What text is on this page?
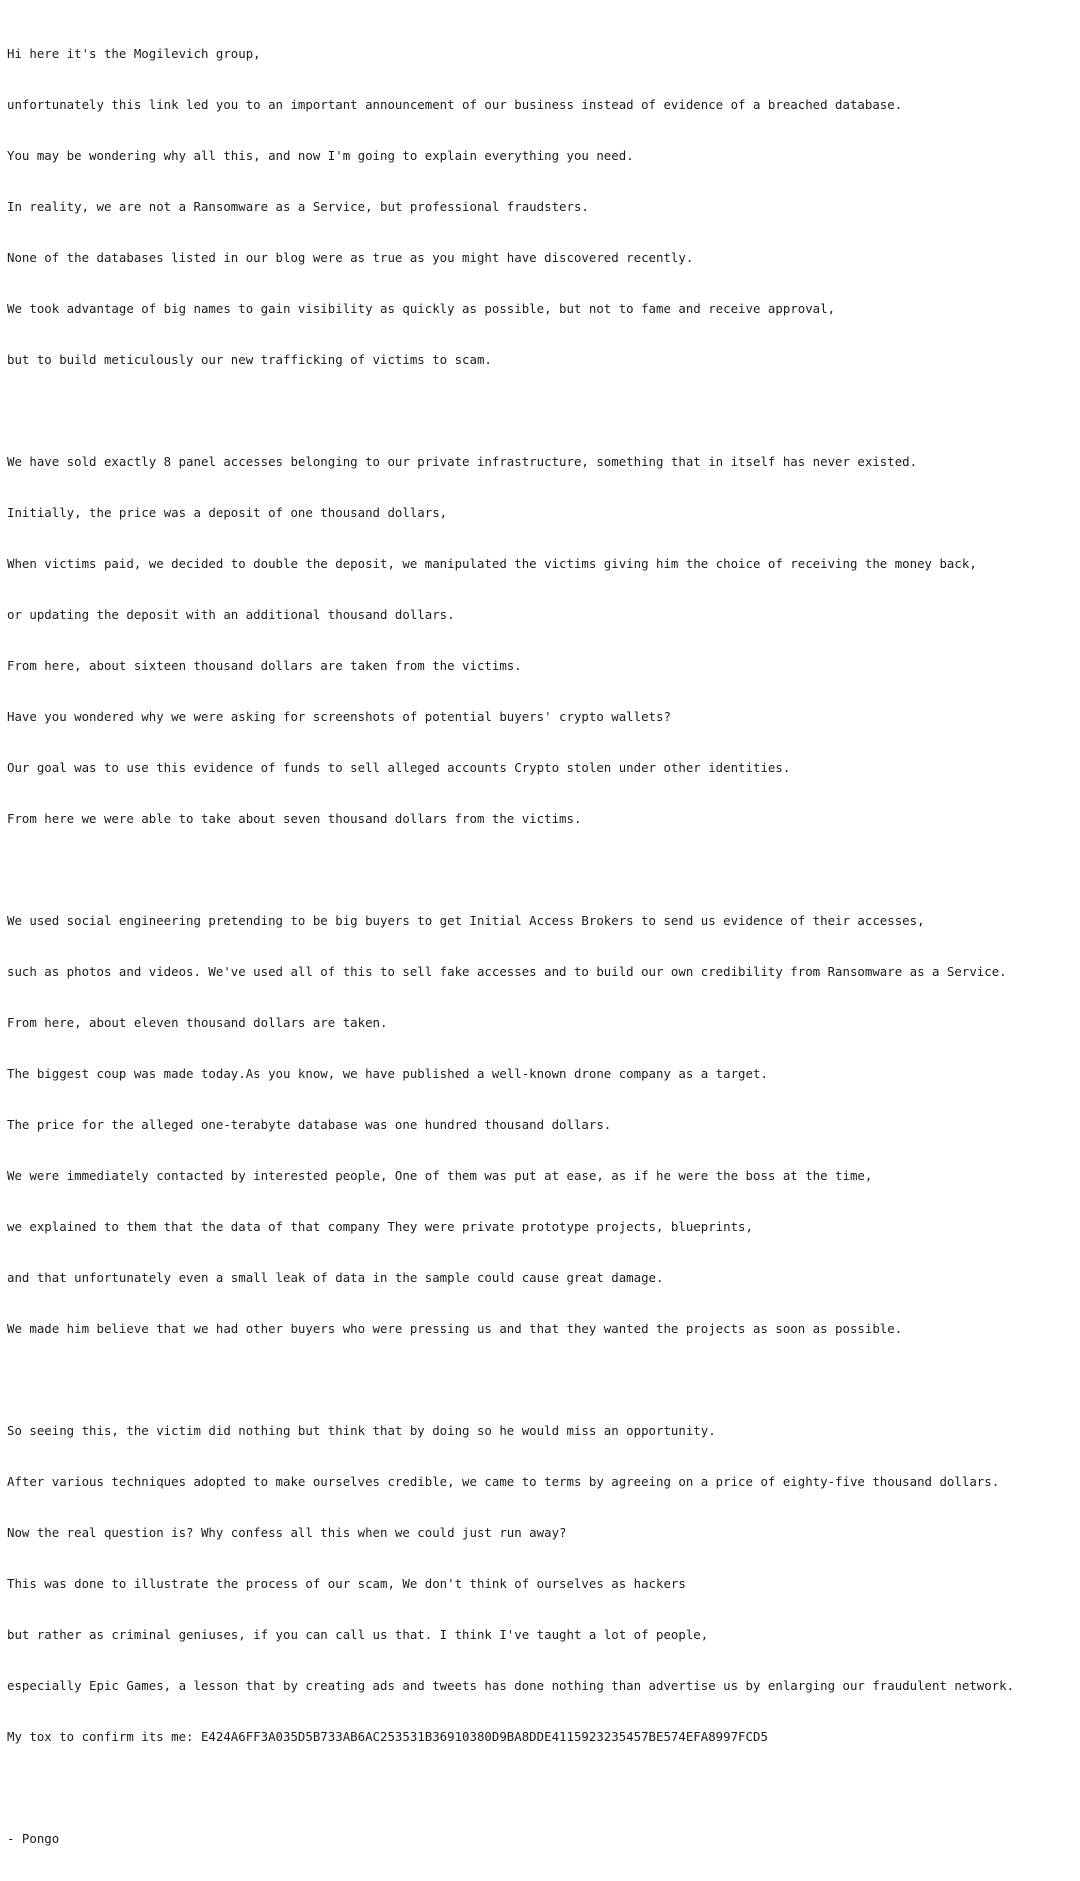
Hi here it's the Mogilevich group,

unfortunately this link led you to an important announcement of our business instead of evidence of a breached database.

You may be wondering why all this, and now I'm going to explain everything you need.

In reality, we are not a Ransomware as a Service, but professional fraudsters.

None of the databases listed in our blog were as true as you might have discovered recently.

We took advantage of big names to gain visibility as quickly as possible, but not to fame and receive approval,

but to build meticulously our new trafficking of victims to scam.

We have sold exactly 8 panel accesses belonging to our private infrastructure, something that in itself has never existed.

Initially, the price was a deposit of one thousand dollars,

When victims paid, we decided to double the deposit, we manipulated the victims giving him the choice of receiving the money back,

or updating the deposit with an additional thousand dollars.

From here, about sixteen thousand dollars are taken from the victims.

Have you wondered why we were asking for screenshots of potential buyers' crypto wallets?

Our goal was to use this evidence of funds to sell alleged accounts Crypto stolen under other identities.

From here we were able to take about seven thousand dollars from the victims.

We used social engineering pretending to be big buyers to get Initial Access Brokers to send us evidence of their accesses,

such as photos and videos. We've used all of this to sell fake accesses and to build our own credibility from Ransomware as a Service.

From here, about eleven thousand dollars are taken.

The biggest coup was made today.As you know, we have published a well-known drone company as a target.

The price for the alleged one-terabyte database was one hundred thousand dollars.

We were immediately contacted by interested people, One of them was put at ease, as if he were the boss at the time,

we explained to them that the data of that company They were private prototype projects, blueprints,

and that unfortunately even a small leak of data in the sample could cause great damage.

We made him believe that we had other buyers who were pressing us and that they wanted the projects as soon as possible.

So seeing this, the victim did nothing but think that by doing so he would miss an opportunity.

After various techniques adopted to make ourselves credible, we came to terms by agreeing on a price of eighty-five thousand dollars.

Now the real question is? Why confess all this when we could just run away?

This was done to illustrate the process of our scam, We don't think of ourselves as hackers

but rather as criminal geniuses, if you can call us that. I think I've taught a lot of people,

especially Epic Games, a lesson that by creating ads and tweets has done nothing than advertise us by enlarging our fraudulent network.

My tox to confirm its me: E424A6FF3A035D5B733AB6AC253531B36910380D9BA8DDE4115923235457BE574EFA8997FCD5

- Pongo
